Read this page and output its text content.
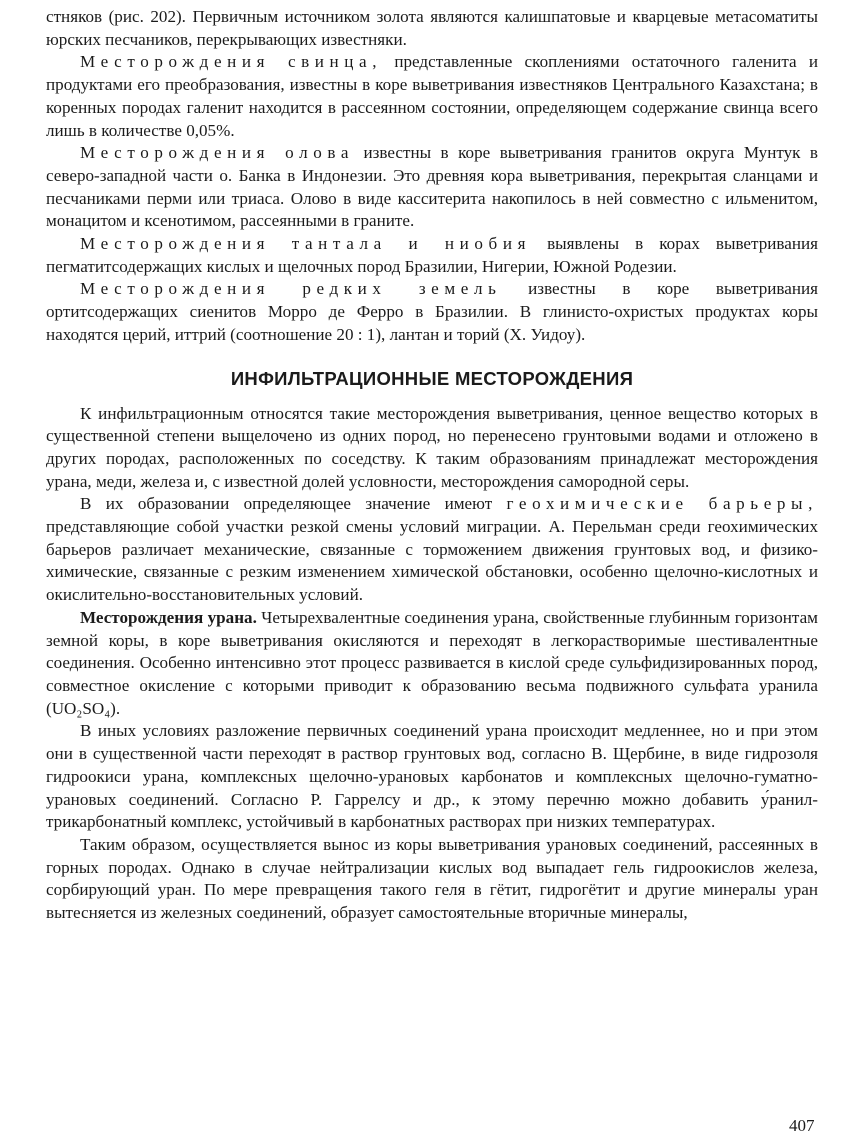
стняков (рис. 202). Первичным источником золота являются калишпатовые и кварцевые метасоматиты юрских песчаников, перекрывающих известняки.

Месторождения свинца, представленные скоплениями остаточного галенита и продуктами его преобразования, известны в коре выветривания известняков Центрального Казахстана; в коренных породах галенит находится в рассеянном состоянии, определяющем содержание свинца всего лишь в количестве 0,05%.

Месторождения олова известны в коре выветривания гранитов округа Мунтук в северо-западной части о. Банка в Индонезии. Это древняя кора выветривания, перекрытая сланцами и песчаниками перми или триаса. Олово в виде касситерита накопилось в ней совместно с ильменитом, монацитом и ксенотимом, рассеянными в граните.

Месторождения тантала и ниобия выявлены в корах выветривания пегматитсодержащих кислых и щелочных пород Бразилии, Нигерии, Южной Родезии.

Месторождения редких земель известны в коре выветривания ортитсодержащих сиенитов Морро де Ферро в Бразилии. В глинисто-охристых продуктах коры находятся церий, иттрий (соотношение 20 : 1), лантан и торий (Х. Уидоу).

ИНФИЛЬТРАЦИОННЫЕ МЕСТОРОЖДЕНИЯ

К инфильтрационным относятся такие месторождения выветривания, ценное вещество которых в существенной степени выщелочено из одних пород, но перенесено грунтовыми водами и отложено в других породах, расположенных по соседству. К таким образованиям принадлежат месторождения урана, меди, железа и, с известной долей условности, месторождения самородной серы.

В их образовании определяющее значение имеют геохимические барьеры, представляющие собой участки резкой смены условий миграции. А. Перельман среди геохимических барьеров различает механические, связанные с торможением движения грунтовых вод, и физико-химические, связанные с резким изменением химической обстановки, особенно щелочно-кислотных и окислительно-восстановительных условий.

Месторождения урана. Четырехвалентные соединения урана, свойственные глубинным горизонтам земной коры, в коре выветривания окисляются и переходят в легкорастворимые шестивалентные соединения. Особенно интенсивно этот процесс развивается в кислой среде сульфидизированных пород, совместное окисление с которыми приводит к образованию весьма подвижного сульфата уранила (UO₂SO₄).

В иных условиях разложение первичных соединений урана происходит медленнее, но и при этом они в существенной части переходят в раствор грунтовых вод, согласно В. Щербине, в виде гидрозоля гидроокиси урана, комплексных щелочно-урановых карбонатов и комплексных щелочно-гуматно-урановых соединений. Согласно Р. Гаррелсу и др., к этому перечню можно добавить у́ранил-трикарбонатный комплекс, устойчивый в карбонатных растворах при низких температурах.

Таким образом, осуществляется вынос из коры выветривания урановых соединений, рассеянных в горных породах. Однако в случае нейтрализации кислых вод выпадает гель гидроокислов железа, сорбирующий уран. По мере превращения такого геля в гётит, гидрогётит и другие минералы уран вытесняется из железных соединений, образует самостоятельные вторичные минералы,

407
